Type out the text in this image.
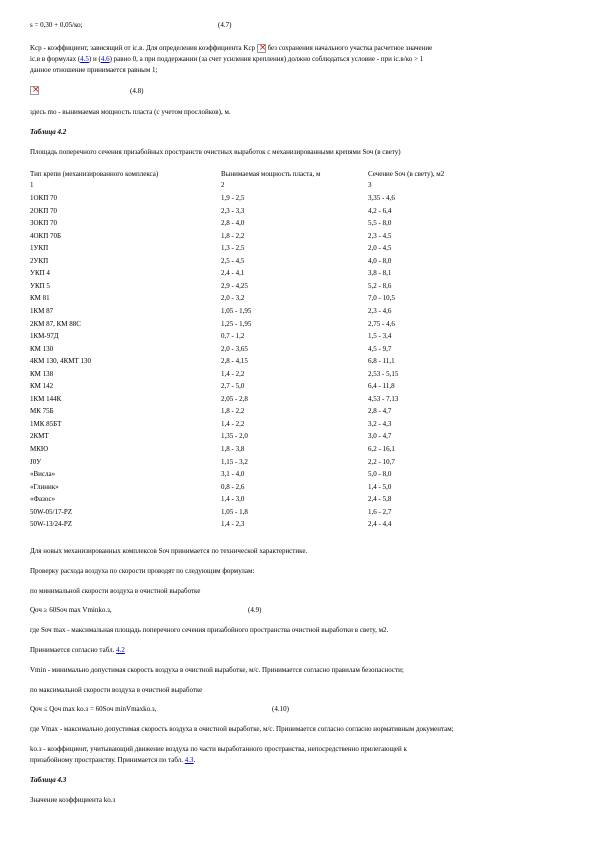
s = 0,30 + 0,05/ко;	(4.7)
Kср - коэффициент, зависящий от ic.в. Для определения коэффициента Kср × без сохранения начального участка расчетное значение
ic.в в формулах (4.5) и (4.6) равно 0, а при поддержании (за счет усиления крепления) должно соблюдаться условие - при ic.в/ко > 1
данное отношение принимается равным 1;
×
(4.8)
здесь mо - вынимаемая мощность пласта (с учетом прослойков), м.
Таблица 4.2
Площадь поперечного сечения призабойных пространств очистных выработок с механизированными крепями Sоч (в свету)
Тип крепи (механизированного комплекса)	Вынимаемая мощность пласта, м	Сечение Sоч (в свету), м2
1	2	3
1ОКП 70	1,9 - 2,5	3,35 - 4,6
2ОКП 70	2,3 - 3,3	4,2 - 6,4
3ОКП 70	2,8 - 4,0	5,5 - 8,0
4ОКП 70Б	1,8 - 2,2	2,3 - 4,5
1УКП	1,3 - 2,5	2,0 - 4,5
2УКП	2,5 - 4,5	4,0 - 8,0
УКП 4	2,4 - 4,1	3,8 - 8,1
УКП 5	2,9 - 4,25	5,2 - 8,6
КМ 81	2,0 - 3,2	7,0 - 10,5
1КМ 87	1,05 - 1,95	2,3 - 4,6
2КМ 87, КМ 88С	1,25 - 1,95	2,75 - 4,6
1КМ-97Д	0,7 - 1,2	1,5 - 3,4
КМ 130	2,0 - 3,65	4,5 - 9,7
4КМ 130, 4КМТ 130	2,8 - 4,15	6,8 - 11,1
КМ 138	1,4 - 2,2	2,53 - 5,15
КМ 142	2,7 - 5,0	6,4 - 11,8
1КМ 144К	2,05 - 2,8	4,53 - 7,13
МК 75Б	1,8 - 2,2	2,8 - 4,7
1МК 85БТ	1,4 - 2,2	3,2 - 4,3
2КМТ	1,35 - 2,0	3,0 - 4,7
МКЮ	1,8 - 3,8	6,2 - 16,1
J0У	1,15 - 3,2	2,2 - 10,7
«Висла»	3,1 - 4,0	5,0 - 8,0
«Глиник»	0,8 - 2,6	1,4 - 5,0
«Фазос»	1,4 - 3,0	2,4 - 5,8
50W-05/17-PZ	1,05 - 1,8	1,6 - 2,7
50W-13/24-PZ	1,4 - 2,3	2,4 - 4,4
Для новых механизированных комплексов Sоч принимается по технической характеристике.
Проверку расхода воздуха по скорости проводят по следующим формулам:
по минимальной скорости воздуха в очистной выработке
Qоч ≥ 60Sоч max Vminkо.з,	(4.9)
где Sоч max - максимальная площадь поперечного сечения призабойного пространства очистной выработки в свету, м2.
Принимается согласно табл. 4.2
Vmin - минимально допустимая скорость воздуха в очистной выработке, м/с. Принимается согласно правилам безопасности;
по максимальной скорости воздуха в очистной выработке
Qоч ≤ Qоч max kо.з = 60Sоч minVmaxkо.з,	(4.10)
где Vmax - максимально допустимая скорость воздуха в очистной выработке, м/с. Принимается согласно согласно нормативным документам;
kо.з - коэффициент, учитывающий движение воздуха по части выработанного пространства, непосредственно прилегающей к
призабойному пространству. Принимается по табл. 4.3.
Таблица 4.3
Значение коэффициента kо.з
